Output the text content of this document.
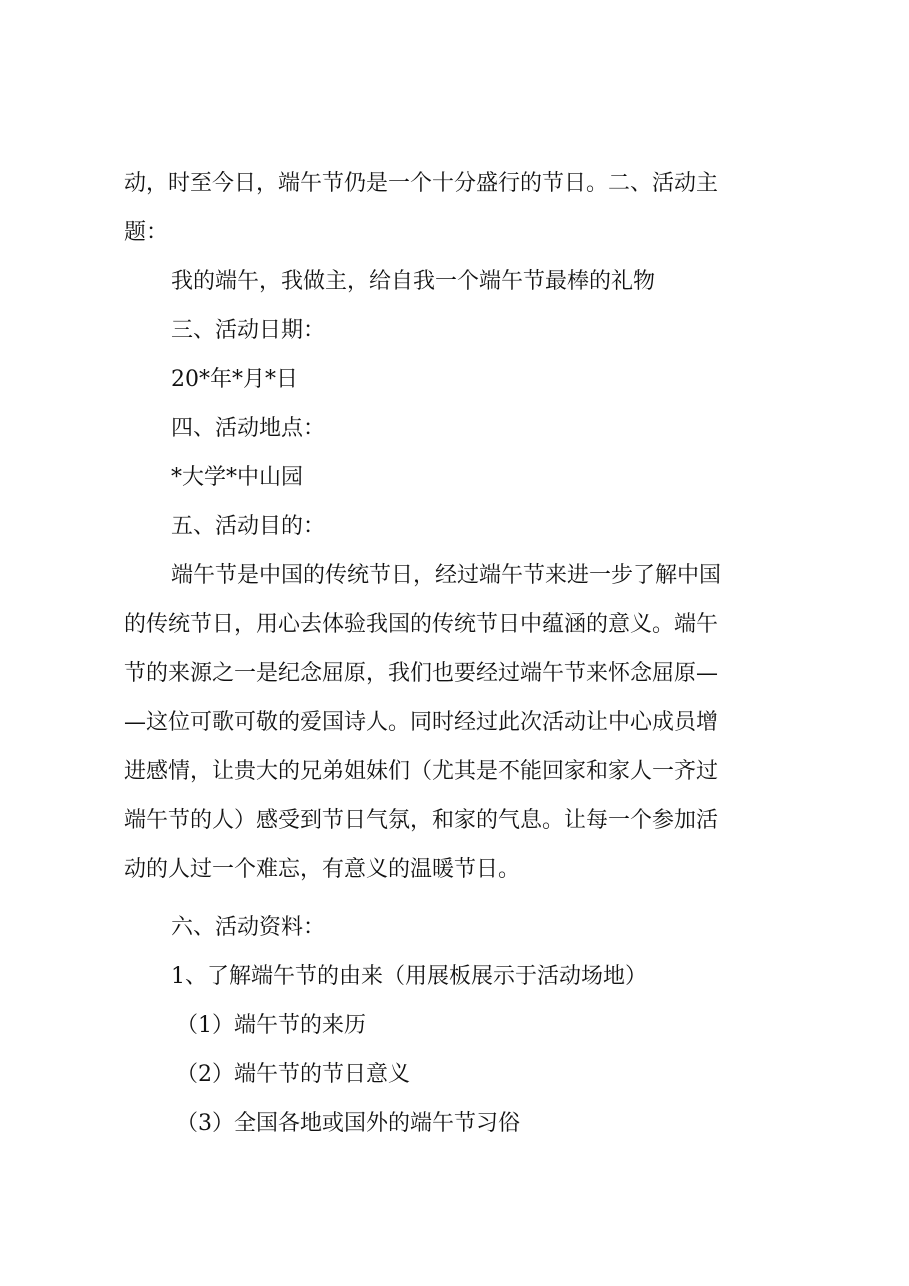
动，时至今日，端午节仍是一个十分盛行的节日。二、活动主
题：
我的端午，我做主，给自我一个端午节最棒的礼物
三、活动日期：
20*年*月*日
四、活动地点：
*大学*中山园
五、活动目的：
端午节是中国的传统节日，经过端午节来进一步了解中国
的传统节日，用心去体验我国的传统节日中蕴涵的意义。端午
节的来源之一是纪念屈原，我们也要经过端午节来怀念屈原—
—这位可歌可敬的爱国诗人。同时经过此次活动让中心成员增
进感情，让贵大的兄弟姐妹们（尤其是不能回家和家人一齐过
端午节的人）感受到节日气氛，和家的气息。让每一个参加活
动的人过一个难忘，有意义的温暖节日。
六、活动资料：
1、了解端午节的由来（用展板展示于活动场地）
（1）端午节的来历
（2）端午节的节日意义
（3）全国各地或国外的端午节习俗
